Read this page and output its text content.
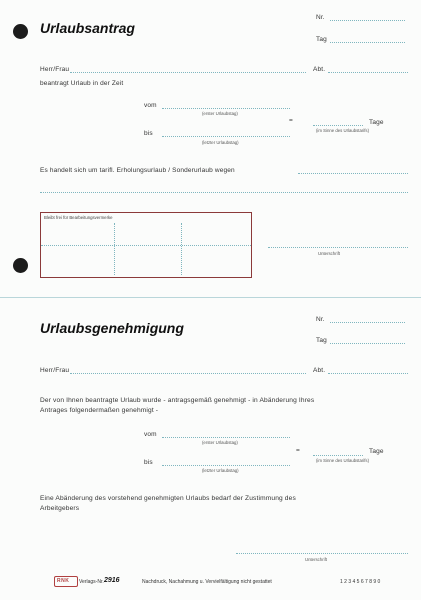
Urlaubsantrag
Nr.
Tag
Herr/Frau	Abt.
beantragt Urlaub in der Zeit
vom
(erster Urlaubstag)
=	Tage
(im Sinne des Urlaubstarifs)
bis
(letzter Urlaubstag)
Es handelt sich um tarifl. Erholungsurlaub / Sonderurlaub wegen
Bleibt frei für Bearbeitungsvermerke
Unterschrift
Urlaubsgenehmigung
Nr.
Tag
Herr/Frau	Abt.
Der von Ihnen beantragte Urlaub wurde - antragsgemäß genehmigt - in Abänderung Ihres
Antrages folgendermaßen genehmigt -
vom
(erster Urlaubstag)
=	Tage
(im Sinne des Urlaubstarifs)
bis
(letzter Urlaubstag)
Eine Abänderung des vorstehend genehmigten Urlaubs bedarf der Zustimmung des
Arbeitgebers
Unterschrift
RNK Verlags-Nr. 2916	Nachdruck, Nachahmung u. Vervielfältigung nicht gestattet	1 2 3 4 5 6 7 8 9 0
